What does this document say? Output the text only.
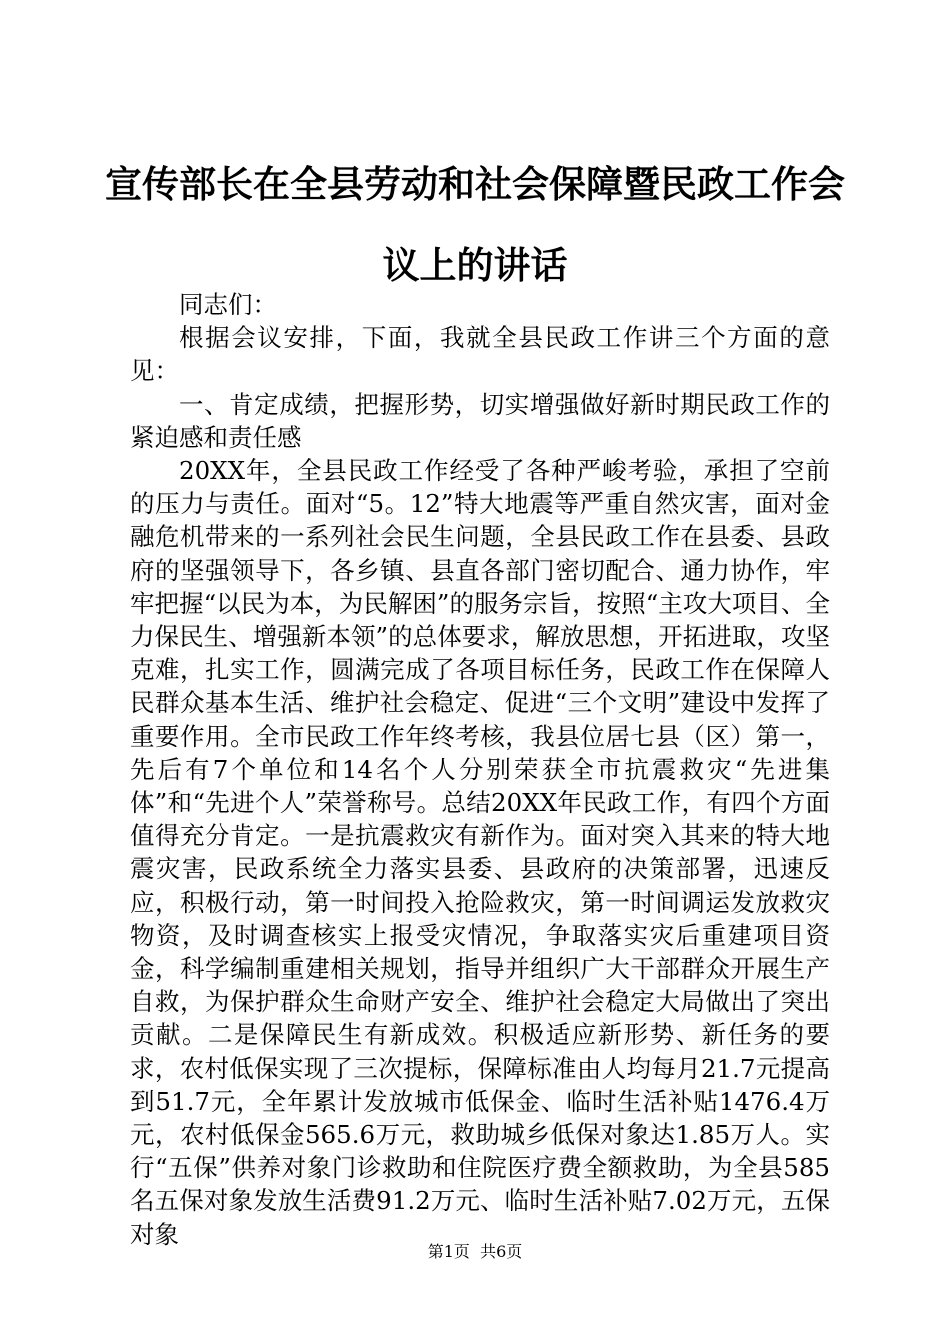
宣传部长在全县劳动和社会保障暨民政工作会
议上的讲话

同志们：

根据会议安排，下面，我就全县民政工作讲三个方面的意见：

一、肯定成绩，把握形势，切实增强做好新时期民政工作的紧迫感和责任感

20XX年，全县民政工作经受了各种严峻考验，承担了空前的压力与责任。面对“5。12”特大地震等严重自然灾害，面对金融危机带来的一系列社会民生问题，全县民政工作在县委、县政府的坚强领导下，各乡镇、县直各部门密切配合、通力协作，牢牢把握“以民为本，为民解困”的服务宗旨，按照“主攻大项目、全力保民生、增强新本领”的总体要求，解放思想，开拓进取，攻坚克难，扎实工作，圆满完成了各项目标任务，民政工作在保障人民群众基本生活、维护社会稳定、促进“三个文明”建设中发挥了重要作用。全市民政工作年终考核，我县位居七县（区）第一，先后有7个单位和14名个人分别荣获全市抗震救灾“先进集体”和“先进个人”荣誉称号。总结20XX年民政工作，有四个方面值得充分肯定。一是抗震救灾有新作为。面对突入其来的特大地震灾害，民政系统全力落实县委、县政府的决策部署，迅速反应，积极行动，第一时间投入抢险救灾，第一时间调运发放救灾物资，及时调查核实上报受灾情况，争取落实灾后重建项目资金，科学编制重建相关规划，指导并组织广大干部群众开展生产自救，为保护群众生命财产安全、维护社会稳定大局做出了突出贡献。二是保障民生有新成效。积极适应新形势、新任务的要求，农村低保实现了三次提标，保障标准由人均每月21.7元提高到51.7元，全年累计发放城市低保金、临时生活补贴1476.4万元，农村低保金565.6万元，救助城乡低保对象达1.85万人。实行“五保”供养对象门诊救助和住院医疗费全额救助，为全县585名五保对象发放生活费91.2万元、临时生活补贴7.02万元，五保对象

第1页 共6页
